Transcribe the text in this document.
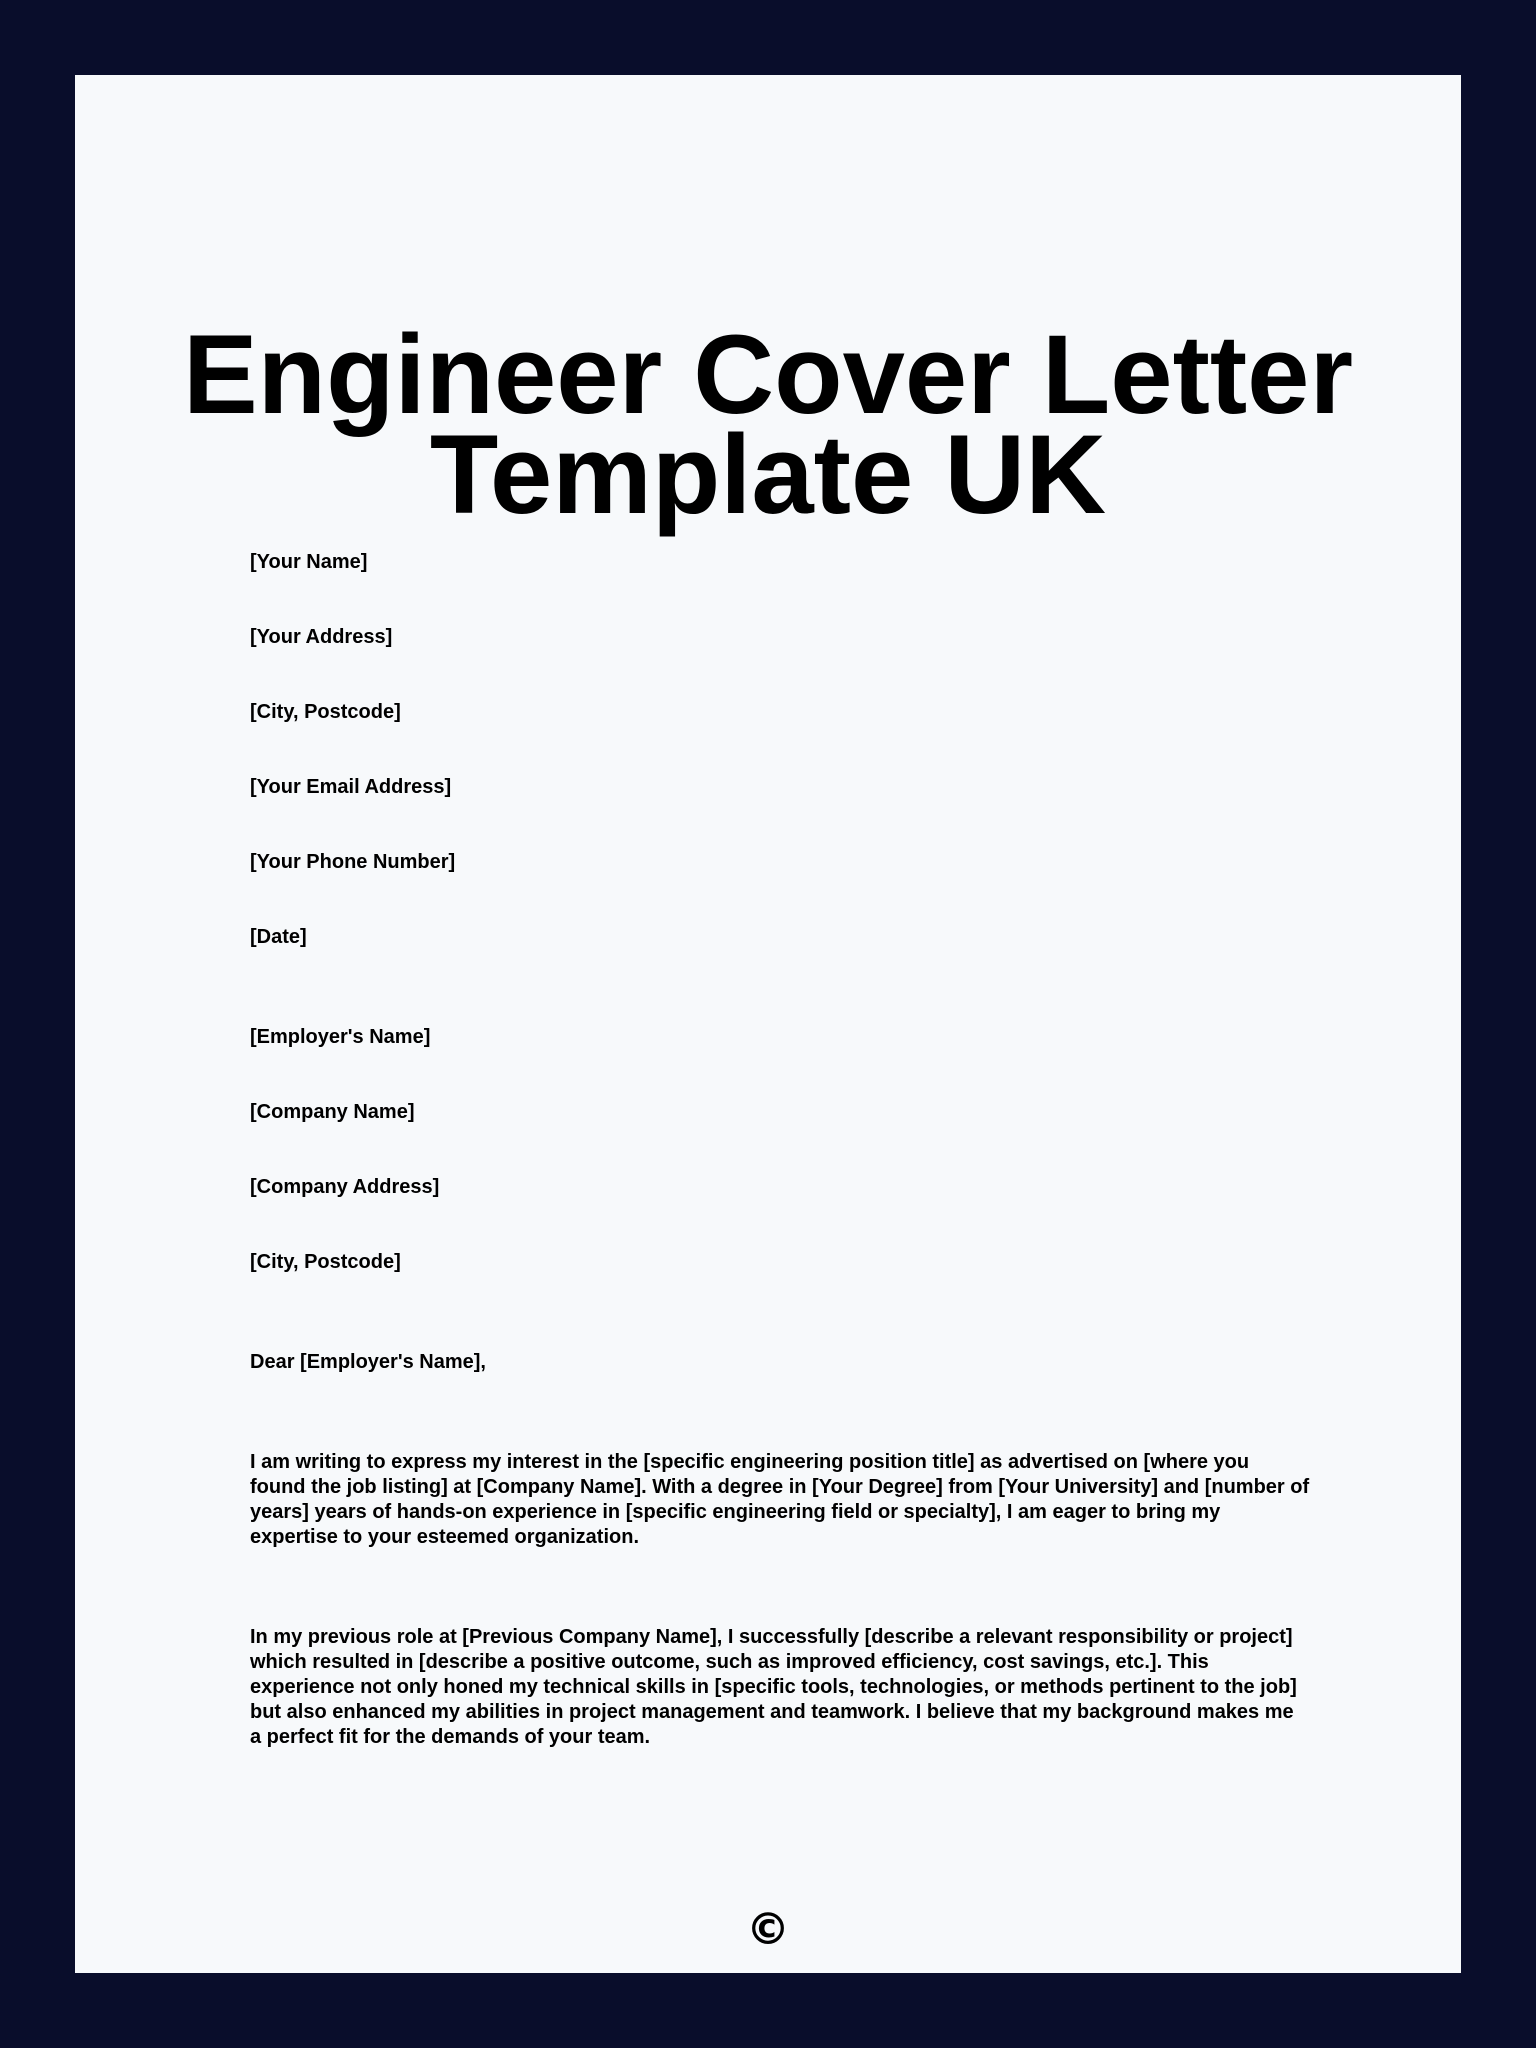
Engineer Cover Letter
Template UK
[Your Name]
[Your Address]
[City, Postcode]
[Your Email Address]
[Your Phone Number]
[Date]
[Employer's Name]
[Company Name]
[Company Address]
[City, Postcode]
Dear [Employer's Name],
I am writing to express my interest in the [specific engineering position title] as advertised on [where you found the job listing] at [Company Name]. With a degree in [Your Degree] from [Your University] and [number of years] years of hands-on experience in [specific engineering field or specialty], I am eager to bring my expertise to your esteemed organization.
In my previous role at [Previous Company Name], I successfully [describe a relevant responsibility or project] which resulted in [describe a positive outcome, such as improved efficiency, cost savings, etc.]. This experience not only honed my technical skills in [specific tools, technologies, or methods pertinent to the job] but also enhanced my abilities in project management and teamwork. I believe that my background makes me a perfect fit for the demands of your team.
©
